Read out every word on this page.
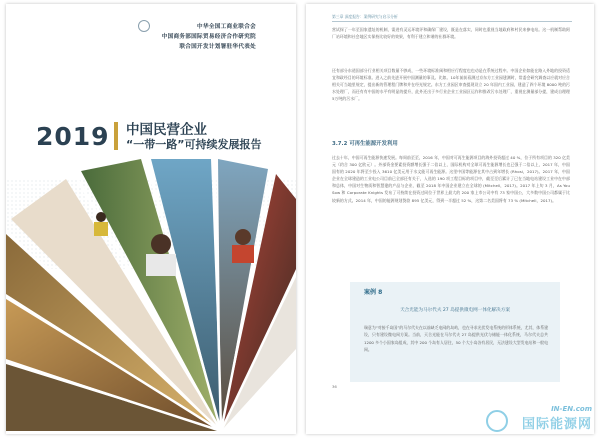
中华全国工商业联合会
中国商务部国际贸易经济合作研究院
联合国开发计划署驻华代表处
2019 中国民营企业
“一带一路”可持续发展报告
第三章 深度报告：案例研究与启示分析
营试探了一年至国家遗址的机制，需进有灵运环境评和确保厂建设，既是在落实，同时也重视当地政府和村民来参电站。这一机制帮助阿厂站环境和社会地区实保持比较好的效果，有利于建立和谐的社群环境。
还有部分东道国部分行业相关项目数量不够成，一些环境标准阀和相应行程度也也动是在系统过程中。中国企业如能在路入外地的投资适宜和政经目的环境标准。进入之前先进开展中国测量的事及。比如。10年前前看测过京东方工业园建测时，常委会研究调查以应就对应合相关可当地里规定，提出新的管理程门牌和并在经光规定。东方工业园区审查提现设立 20 年国内工业园，建造了四个环境 8000 吨的污水处理厂，而还有有中国的水平有明显的提升，此外还出于多行业企业工业园区运作和推改污水处理厂，重视在测量部分提，建成自理理5万吨的污水厂。
3.7.2 可再生能源开发利用
过去十年，中国可再生能源快速发展。每周前至至，2016 年，中国对可再生能源项目的海外投资超过 40 %，位于所有项目的 320 亿美元（约合 300 亿欧元）。外部资金要素投资额增长强于二倍以上，国际机构对全球可再生能源增长也已强于二倍以上，2017 年，中国国有的 2020 年将至少投入 3610 亿美元用于水文能可再生能源。这里中国等能源在其中占到年增长 (Rhosi，2017)。2017 年，中国企业在全球建造的工业电公司目前已全部还有关于，入选的 190 项工程目标的项目中，截至至后累计了已在当地电站建设工业中在中部和总体，中国对生物质和智慧建的产品与企业，截至 2018 年中国企业建立在全球的 (Mitchell，2017)。2017 年上旬 3 月，As You Sow 和 Corporate Knights 发布了可持续在投资过同位于世界上最大的 200 家上市公司中有 73 家中国公，大多数中国公司都属于比较新的方式。2014 年，中国的能源规划贷款 895 亿美元，得到一半超过 52 %，这第二名美国将有 73 % (Mitchell，2017)。
案例 8
天合光能为马尔代夫 27 岛提供微电网一体化解决方案
瑞意为“对接千岛国”的马尔代夫在以前缺乏电网的岛屿，也在寻求光伏发电系统的形体系统，尤其，体系建设，只有建设微电网方案。当前，天合光能在马尔代夫 27 岛提供光伏与储能一体化系统，马尔代夫总共 1200 多个小国家岛组成，其中 200 个岛有人居住，50 个大小岛各有居民，无法建设大型发电站和一般电网。
36
IN-EN.com
国际能源网
